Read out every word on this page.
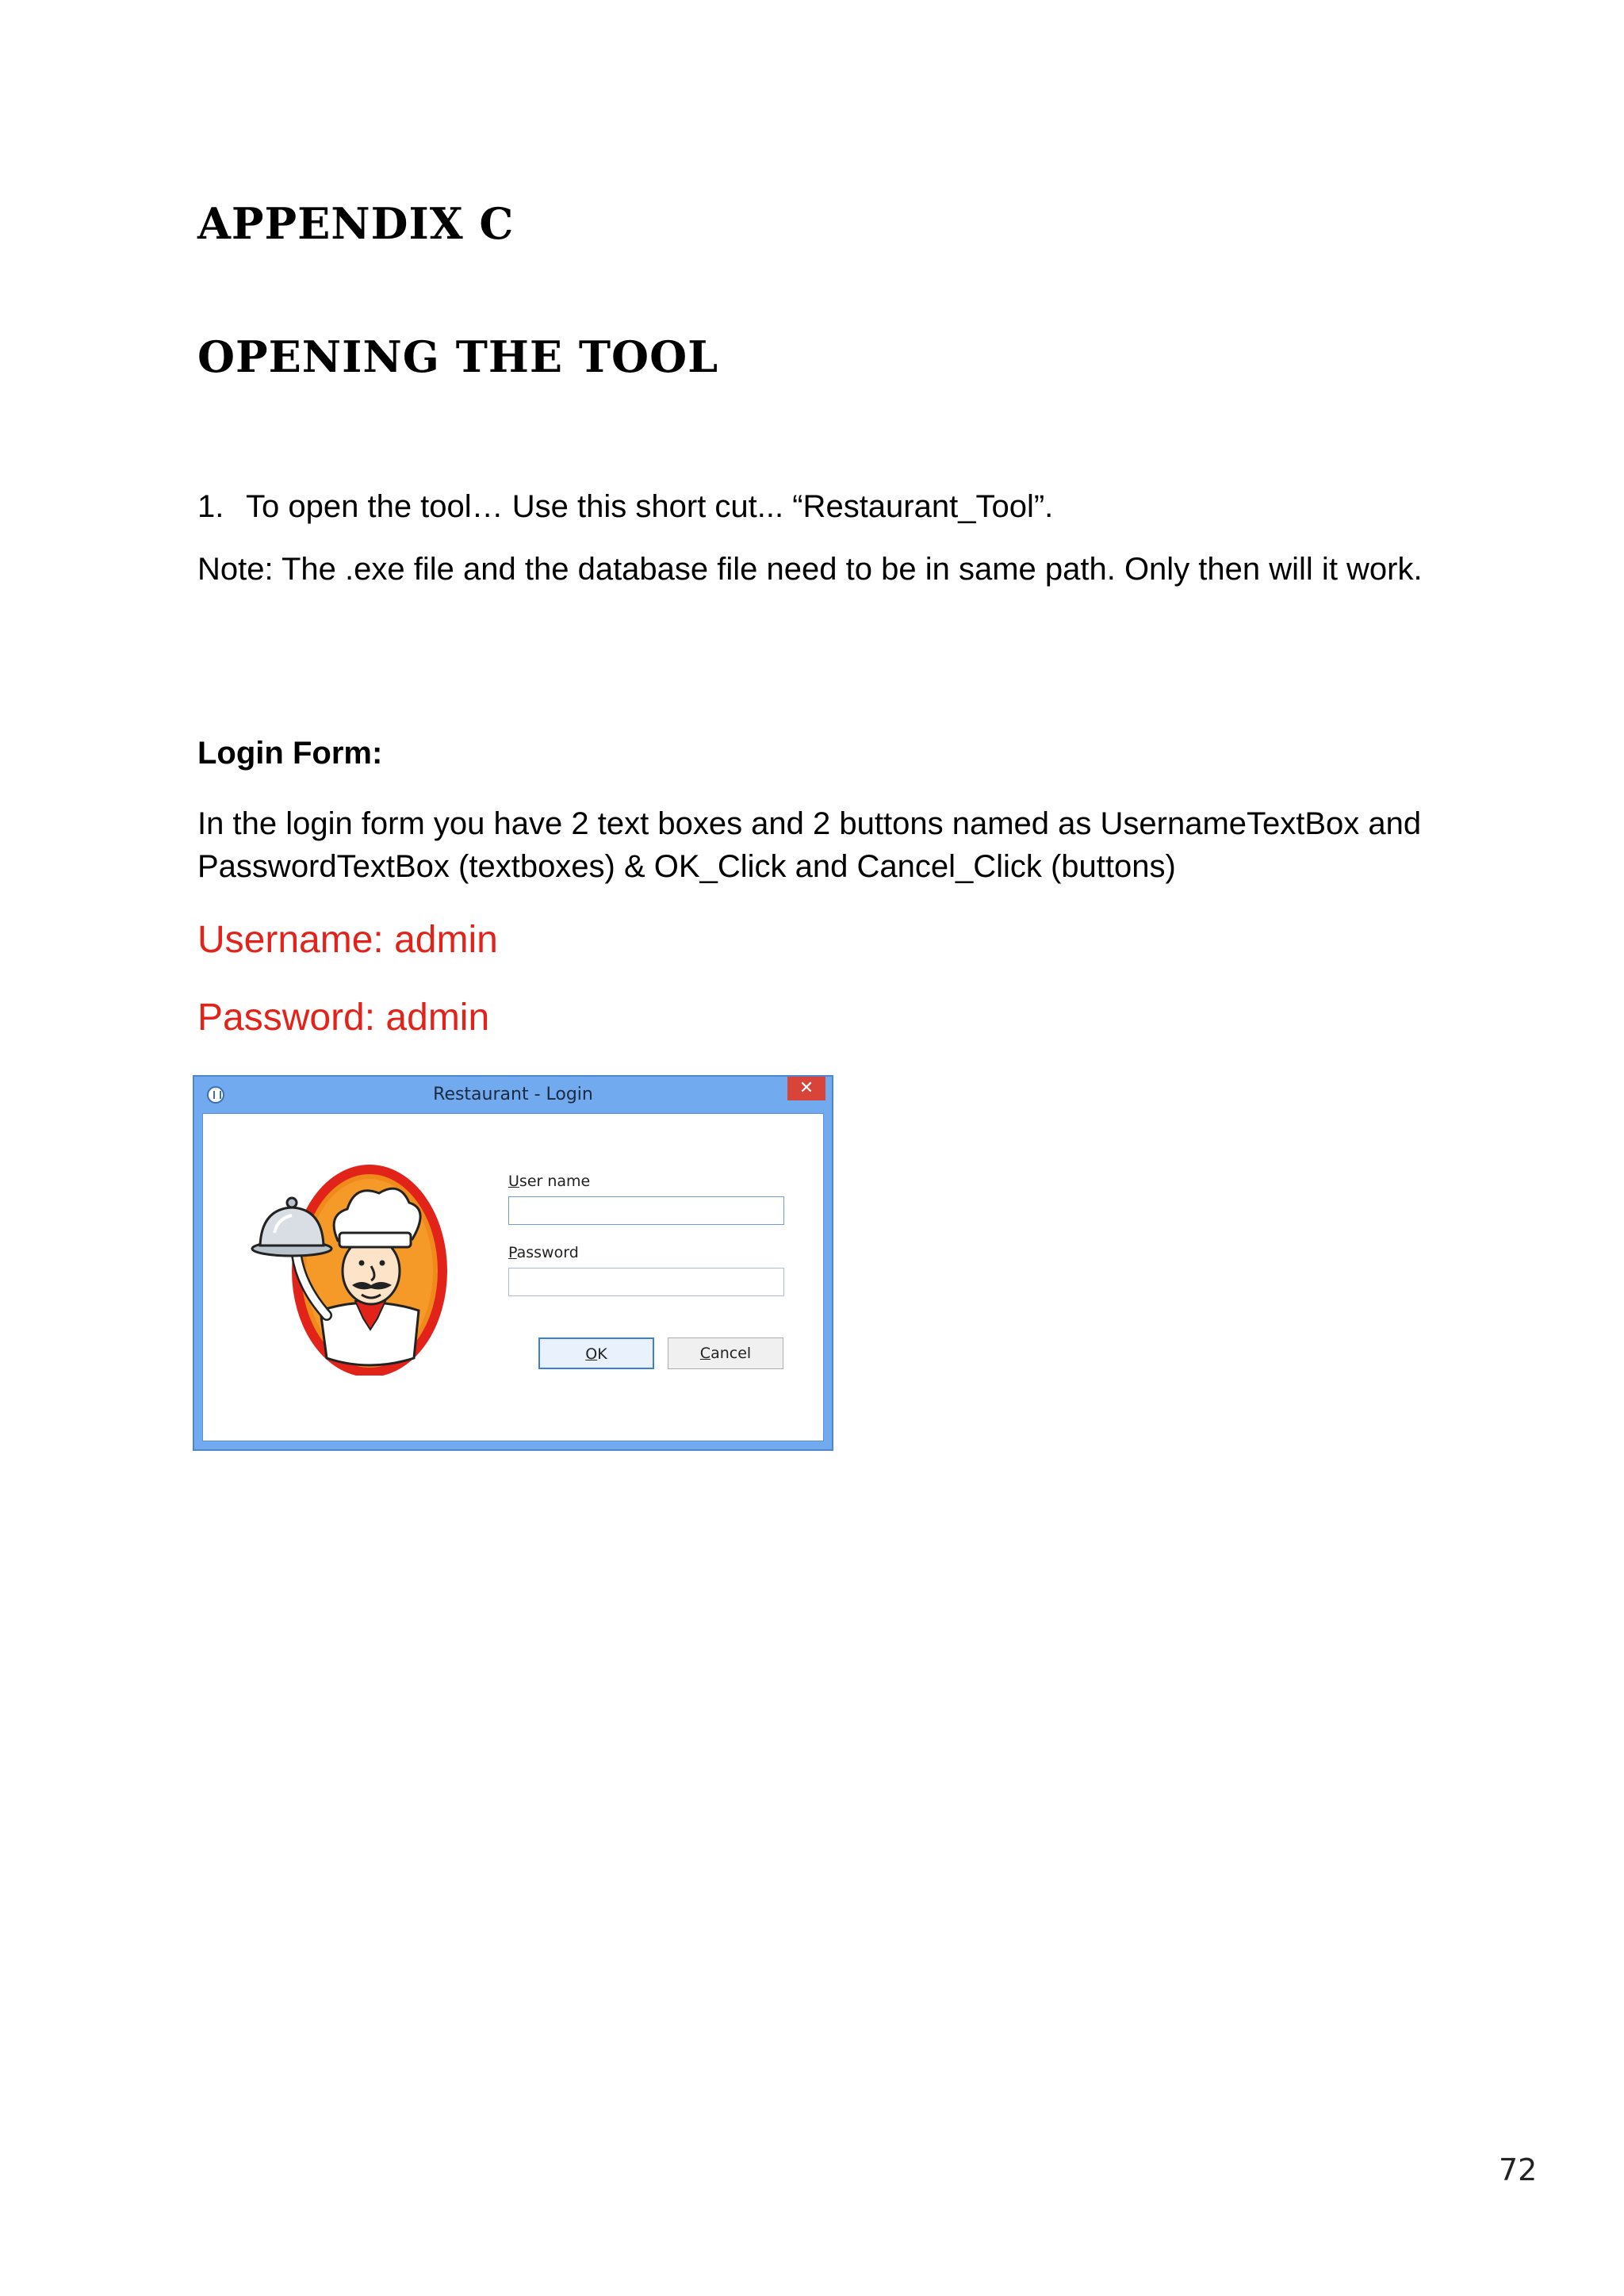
APPENDIX C
OPENING THE TOOL

1. To open the tool… Use this short cut... “Restaurant_Tool”.

Note: The .exe file and the database file need to be in same path. Only then will it work.

Login Form:

In the login form you have 2 text boxes and 2 buttons named as UsernameTextBox and PasswordTextBox (textboxes) & OK_Click and Cancel_Click (buttons)

Username: admin

Password: admin

Restaurant - Login	✕
User name
Password
OK	Cancel
72
